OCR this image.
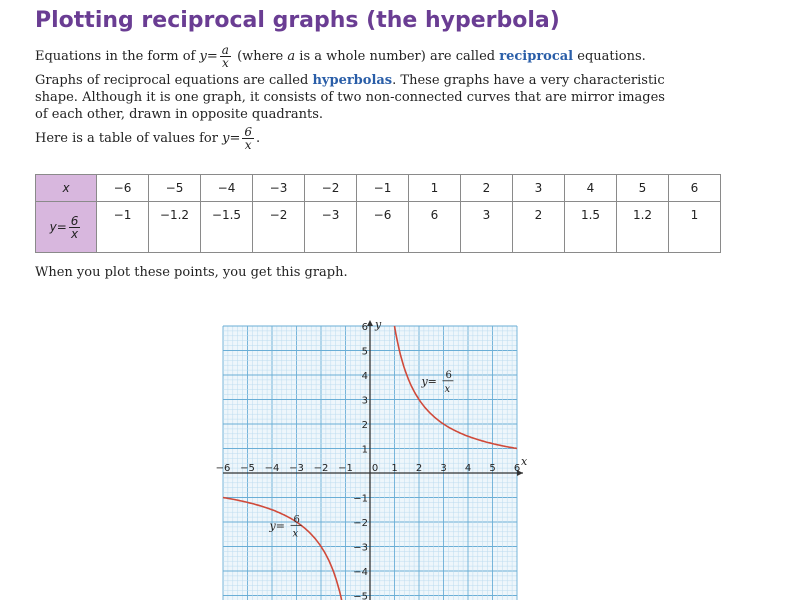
Plotting reciprocal graphs (the hyperbola)
Equations in the form of $y= \frac{a}{x}$ (where a is a whole number) are called reciprocal equations.
Graphs of reciprocal equations are called hyperbolas. These graphs have a very characteristic
shape. Although it is one graph, it consists of two non-connected curves that are mirror images
of each other, drawn in opposite quadrants.
Here is a table of values for $y= \frac{6}{x}$ .
x	−6	−5	−4	−3	−2	−1	1	2	3	4	5	6
$y= \frac{6}{x}$	−1	−1.2	−1.5	−2	−3	−6	6	3	2	1.5	1.2	1
When you plot these points, you get this graph.
x
y
−6 −5 −4 −3 −2 −1 0 1 2 3 4 5 6
6
5
4
3
2
1
−1
−2
−3
−4
−5
y= 6
x
y= 6
x
